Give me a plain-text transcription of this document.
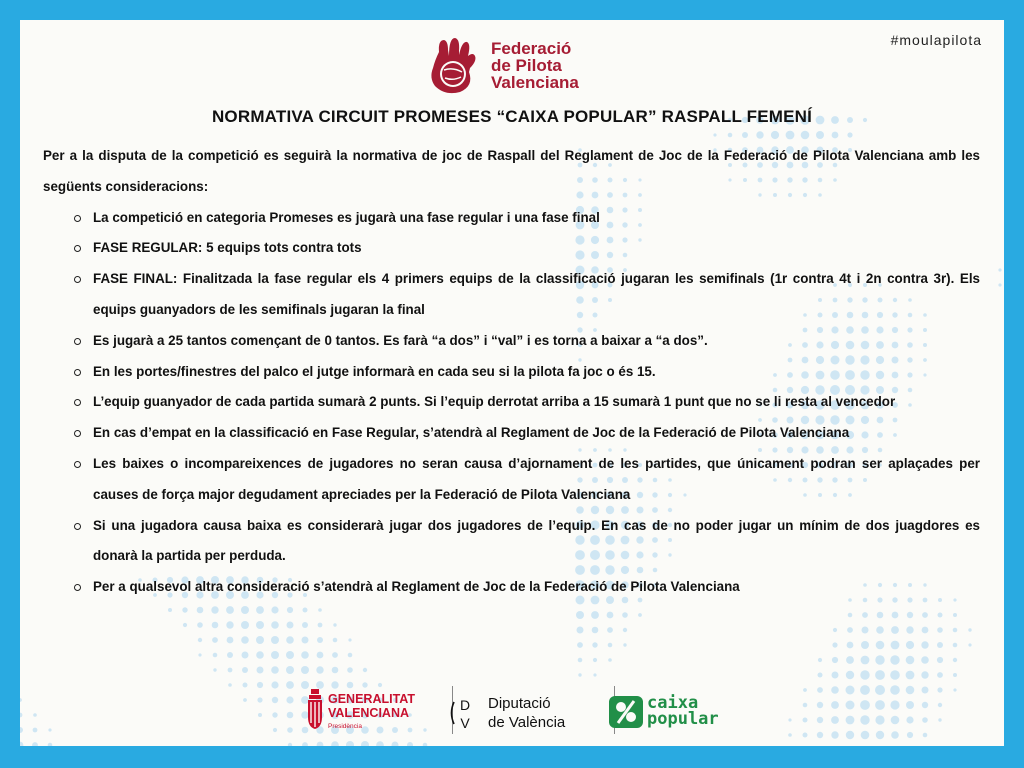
#moulapilota
Federació
de Pilota
Valenciana
NORMATIVA CIRCUIT PROMESES “CAIXA POPULAR” RASPALL FEMENÍ

Per a la disputa de la competició es seguirà la normativa de joc de Raspall del Reglament de Joc de la Federació de Pilota Valenciana amb les següents consideracions:

La competició en categoria Promeses es jugarà una fase regular i una fase final
FASE REGULAR: 5 equips tots contra tots
FASE FINAL: Finalitzada la fase regular els 4 primers equips de la classificació jugaran les semifinals (1r contra 4t i 2n contra 3r). Els equips guanyadors de les semifinals jugaran la final
Es jugarà a 25 tantos començant de 0 tantos. Es farà “a dos” i “val” i es torna a baixar a “a dos”.
En les portes/finestres del palco el jutge informarà en cada seu si la pilota fa joc o és 15.
L’equip guanyador de cada partida sumarà 2 punts. Si l’equip derrotat arriba a 15 sumarà 1 punt que no se li resta al vencedor
En cas d’empat en la classificació en Fase Regular, s’atendrà al Reglament de Joc de la Federació de Pilota Valenciana
Les baixes o incompareixences de jugadores no seran causa d’ajornament de les partides, que únicament podran ser aplaçades per causes de força major degudament apreciades per la Federació de Pilota Valenciana
Si una jugadora causa baixa es considerarà jugar dos jugadores de l’equip. En cas de no poder jugar un mínim de dos juagdores es donarà la partida per perduda.
Per a qualsevol altra consideració s’atendrà al Reglament de Joc de la Federació de Pilota Valenciana
GENERALITAT
VALENCIANA
Presidència
D
V
Diputació
de València
caixa
popular
